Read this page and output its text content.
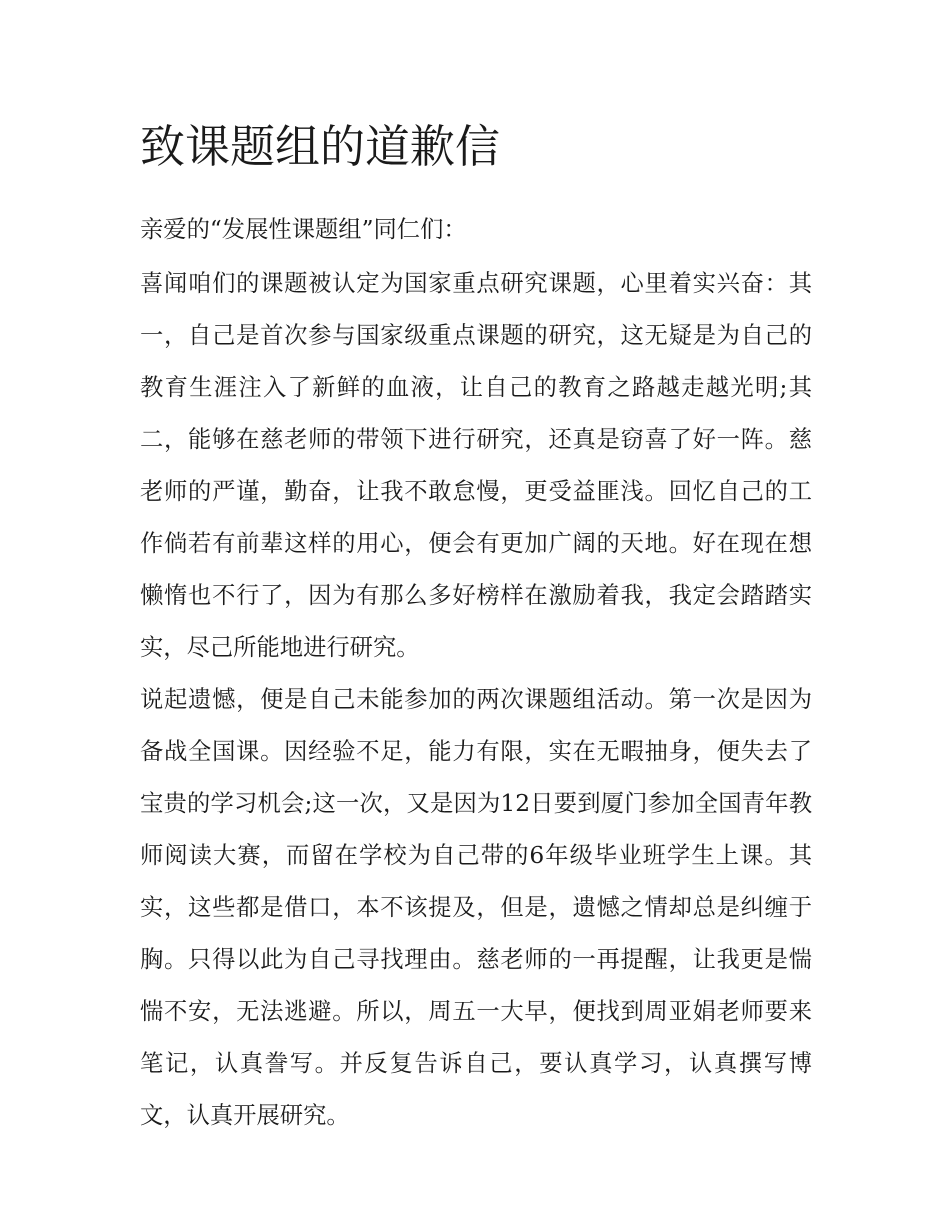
致课题组的道歉信

亲爱的“发展性课题组”同仁们：

喜闻咱们的课题被认定为国家重点研究课题，心里着实兴奋：其一，自己是首次参与国家级重点课题的研究，这无疑是为自己的教育生涯注入了新鲜的血液，让自己的教育之路越走越光明;其二，能够在慈老师的带领下进行研究，还真是窃喜了好一阵。慈老师的严谨，勤奋，让我不敢怠慢，更受益匪浅。回忆自己的工作倘若有前辈这样的用心，便会有更加广阔的天地。好在现在想懒惰也不行了，因为有那么多好榜样在激励着我，我定会踏踏实实，尽己所能地进行研究。

说起遗憾，便是自己未能参加的两次课题组活动。第一次是因为备战全国课。因经验不足，能力有限，实在无暇抽身，便失去了宝贵的学习机会;这一次，又是因为12日要到厦门参加全国青年教师阅读大赛，而留在学校为自己带的6年级毕业班学生上课。其实，这些都是借口，本不该提及，但是，遗憾之情却总是纠缠于胸。只得以此为自己寻找理由。慈老师的一再提醒，让我更是惴惴不安，无法逃避。所以，周五一大早，便找到周亚娟老师要来笔记，认真誊写。并反复告诉自己，要认真学习，认真撰写博文，认真开展研究。
